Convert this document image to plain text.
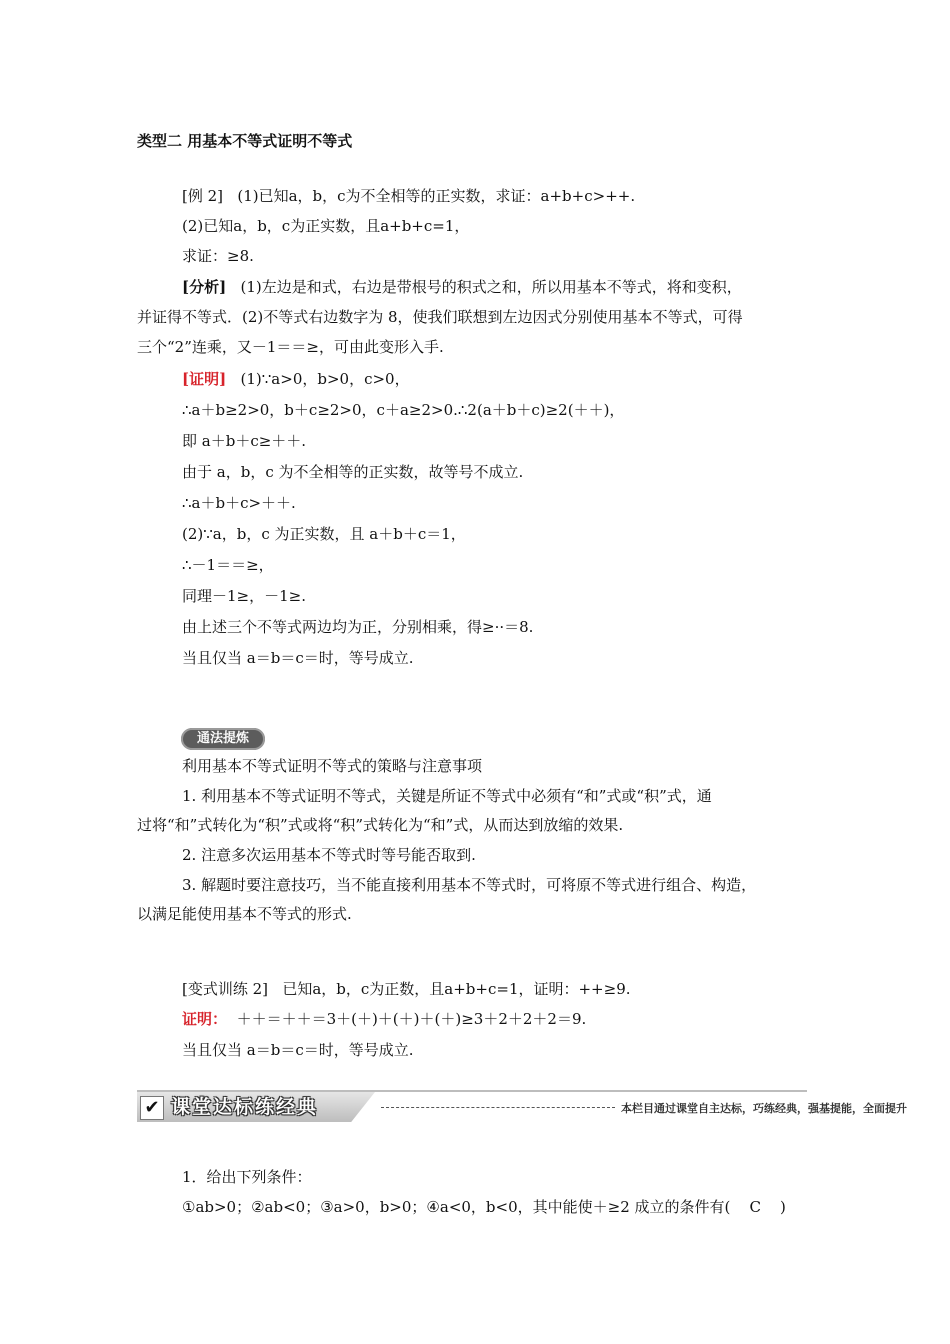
类型二 用基本不等式证明不等式
[例 2] (1)已知a，b，c为不全相等的正实数，求证：a+b+c>++.
(2)已知a，b，c为正实数，且a+b+c=1，
求证：≥8.
[分析] (1)左边是和式，右边是带根号的积式之和，所以用基本不等式，将和变积，
并证得不等式．(2)不等式右边数字为 8，使我们联想到左边因式分别使用基本不等式，可得
三个“2”连乘，又－1＝＝≥，可由此变形入手.
[证明] (1)∵a>0，b>0，c>0，
∴a＋b≥2>0，b＋c≥2>0，c＋a≥2>0.∴2(a＋b＋c)≥2(＋＋)，
即 a＋b＋c≥＋＋.
由于 a，b，c 为不全相等的正实数，故等号不成立.
∴a＋b＋c>＋＋.
(2)∵a，b，c 为正实数，且 a＋b＋c＝1，
∴－1＝＝≥，
同理－1≥，－1≥.
由上述三个不等式两边均为正，分别相乘，得≥··＝8.
当且仅当 a＝b＝c＝时，等号成立.
通法提炼
利用基本不等式证明不等式的策略与注意事项
1. 利用基本不等式证明不等式，关键是所证不等式中必须有“和”式或“积”式，通
过将“和”式转化为“积”式或将“积”式转化为“和”式，从而达到放缩的效果.
2. 注意多次运用基本不等式时等号能否取到.
3. 解题时要注意技巧，当不能直接利用基本不等式时，可将原不等式进行组合、构造，
以满足能使用基本不等式的形式.
[变式训练 2] 已知a，b，c为正数，且a+b+c=1，证明：++≥9.
证明： ＋＋＝＋＋＝3＋(＋)＋(＋)＋(＋)≥3＋2＋2＋2＝9.
当且仅当 a＝b＝c＝时，等号成立.
✔ 课堂达标练经典	本栏目通过课堂自主达标，巧练经典，强基提能，全面提升
1．给出下列条件：
①ab>0；②ab<0；③a>0，b>0；④a<0，b<0，其中能使＋≥2 成立的条件有( C )
